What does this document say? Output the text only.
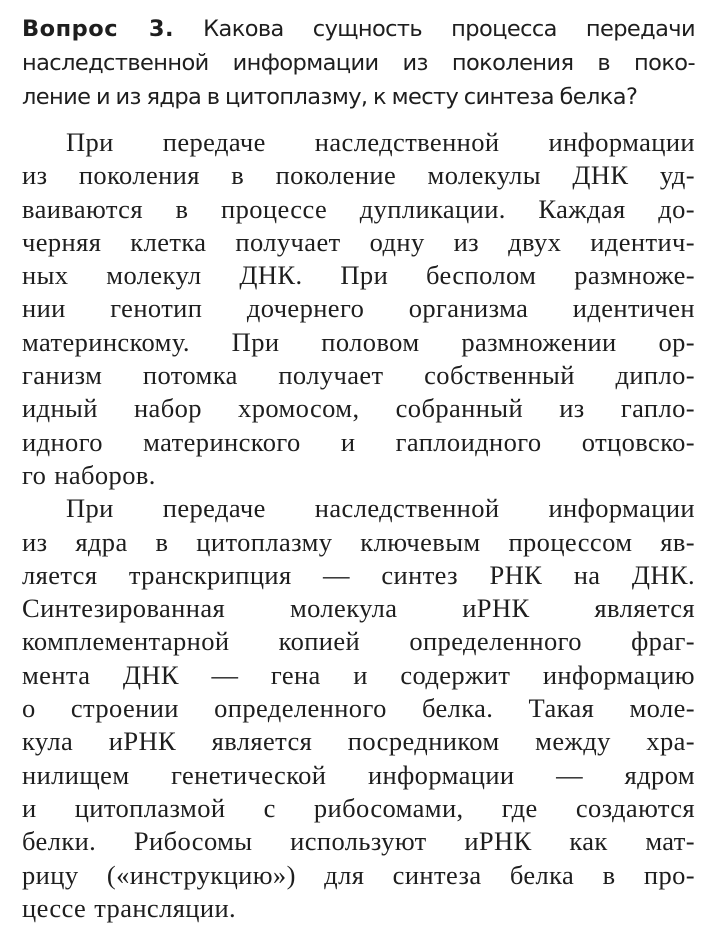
Вопрос 3. Какова сущность процесса передачи
наследственной информации из поколения в поко-
ление и из ядра в цитоплазму, к месту синтеза белка?
При передаче наследственной информации
из поколения в поколение молекулы ДНК уд-
ваиваются в процессе дупликации. Каждая до-
черняя клетка получает одну из двух идентич-
ных молекул ДНК. При бесполом размноже-
нии генотип дочернего организма идентичен
материнскому. При половом размножении ор-
ганизм потомка получает собственный дипло-
идный набор хромосом, собранный из гапло-
идного материнского и гаплоидного отцовско-
го наборов.
При передаче наследственной информации
из ядра в цитоплазму ключевым процессом яв-
ляется транскрипция — синтез РНК на ДНК.
Синтезированная молекула иРНК является
комплементарной копией определенного фраг-
мента ДНК — гена и содержит информацию
о строении определенного белка. Такая моле-
кула иРНК является посредником между хра-
нилищем генетической информации — ядром
и цитоплазмой с рибосомами, где создаются
белки. Рибосомы используют иРНК как мат-
рицу («инструкцию») для синтеза белка в про-
цессе трансляции.
